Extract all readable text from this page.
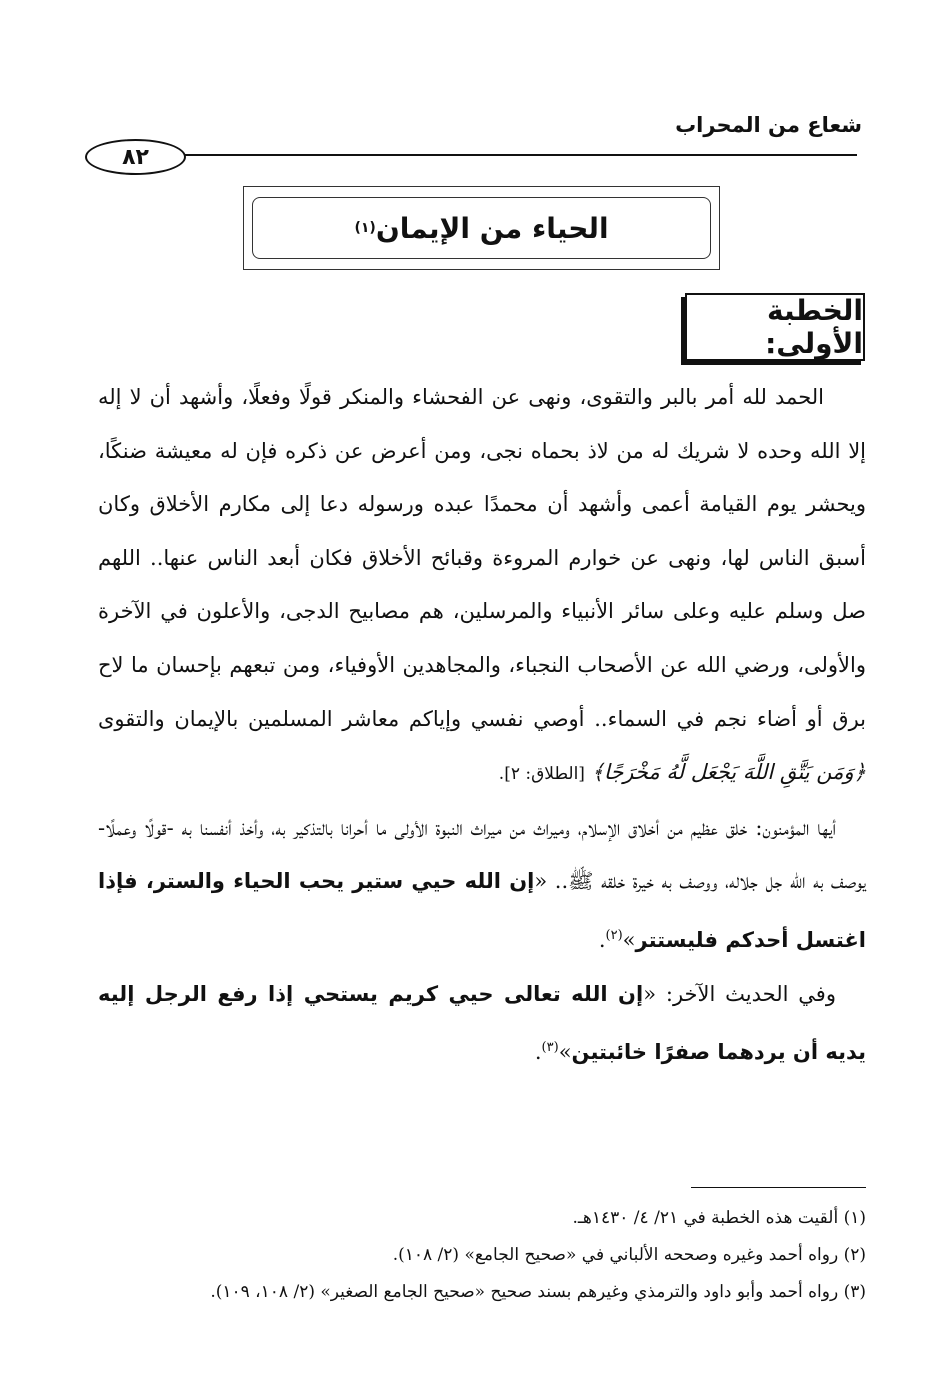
شعاع من المحراب
٨٢
الحياء من الإيمان
(١)
الخطبة الأولى:

الحمد لله أمر بالبر والتقوى، ونهى عن الفحشاء والمنكر قولًا وفعلًا، وأشهد أن لا إله إلا الله وحده لا شريك له من لاذ بحماه نجى، ومن أعرض عن ذكره فإن له معيشة ضنكًا، ويحشر يوم القيامة أعمى وأشهد أن محمدًا عبده ورسوله دعا إلى مكارم الأخلاق وكان أسبق الناس لها، ونهى عن خوارم المروءة وقبائح الأخلاق فكان أبعد الناس عنها.. اللهم صل وسلم عليه وعلى سائر الأنبياء والمرسلين، هم مصابيح الدجى، والأعلون في الآخرة والأولى، ورضي الله عن الأصحاب النجباء، والمجاهدين الأوفياء، ومن تبعهم بإحسان ما لاح برق أو أضاء نجم في السماء.. أوصي نفسي وإياكم معاشر المسلمين بالإيمان والتقوى ﴿وَمَن يَتَّقِ اللَّهَ يَجْعَل لَّهُ مَخْرَجًا﴾ [الطلاق: ٢].

أيها المؤمنون: خلق عظيم من أخلاق الإسلام، وميراث من ميراث النبوة الأولى ما أحرانا بالتذكير به، وأخذ أنفسنا به -قولًا وعملًا- يوصف به الله جل جلاله، ووصف به خيرة خلقه ﷺ.. «إن الله حيي ستير يحب الحياء والستر، فإذا اغتسل أحدكم فليستتر»$^{(٢)}$.

وفي الحديث الآخر: «إن الله تعالى حيي كريم يستحي إذا رفع الرجل إليه يديه أن يردهما صفرًا خائبتين»$^{(٣)}$.

(١) ألقيت هذه الخطبة في ٢١/ ٤/ ١٤٣٠هـ.
(٢) رواه أحمد وغيره وصححه الألباني في «صحيح الجامع» (٢/ ١٠٨).
(٣) رواه أحمد وأبو داود والترمذي وغيرهم بسند صحيح «صحيح الجامع الصغير» (٢/ ١٠٨، ١٠٩).
